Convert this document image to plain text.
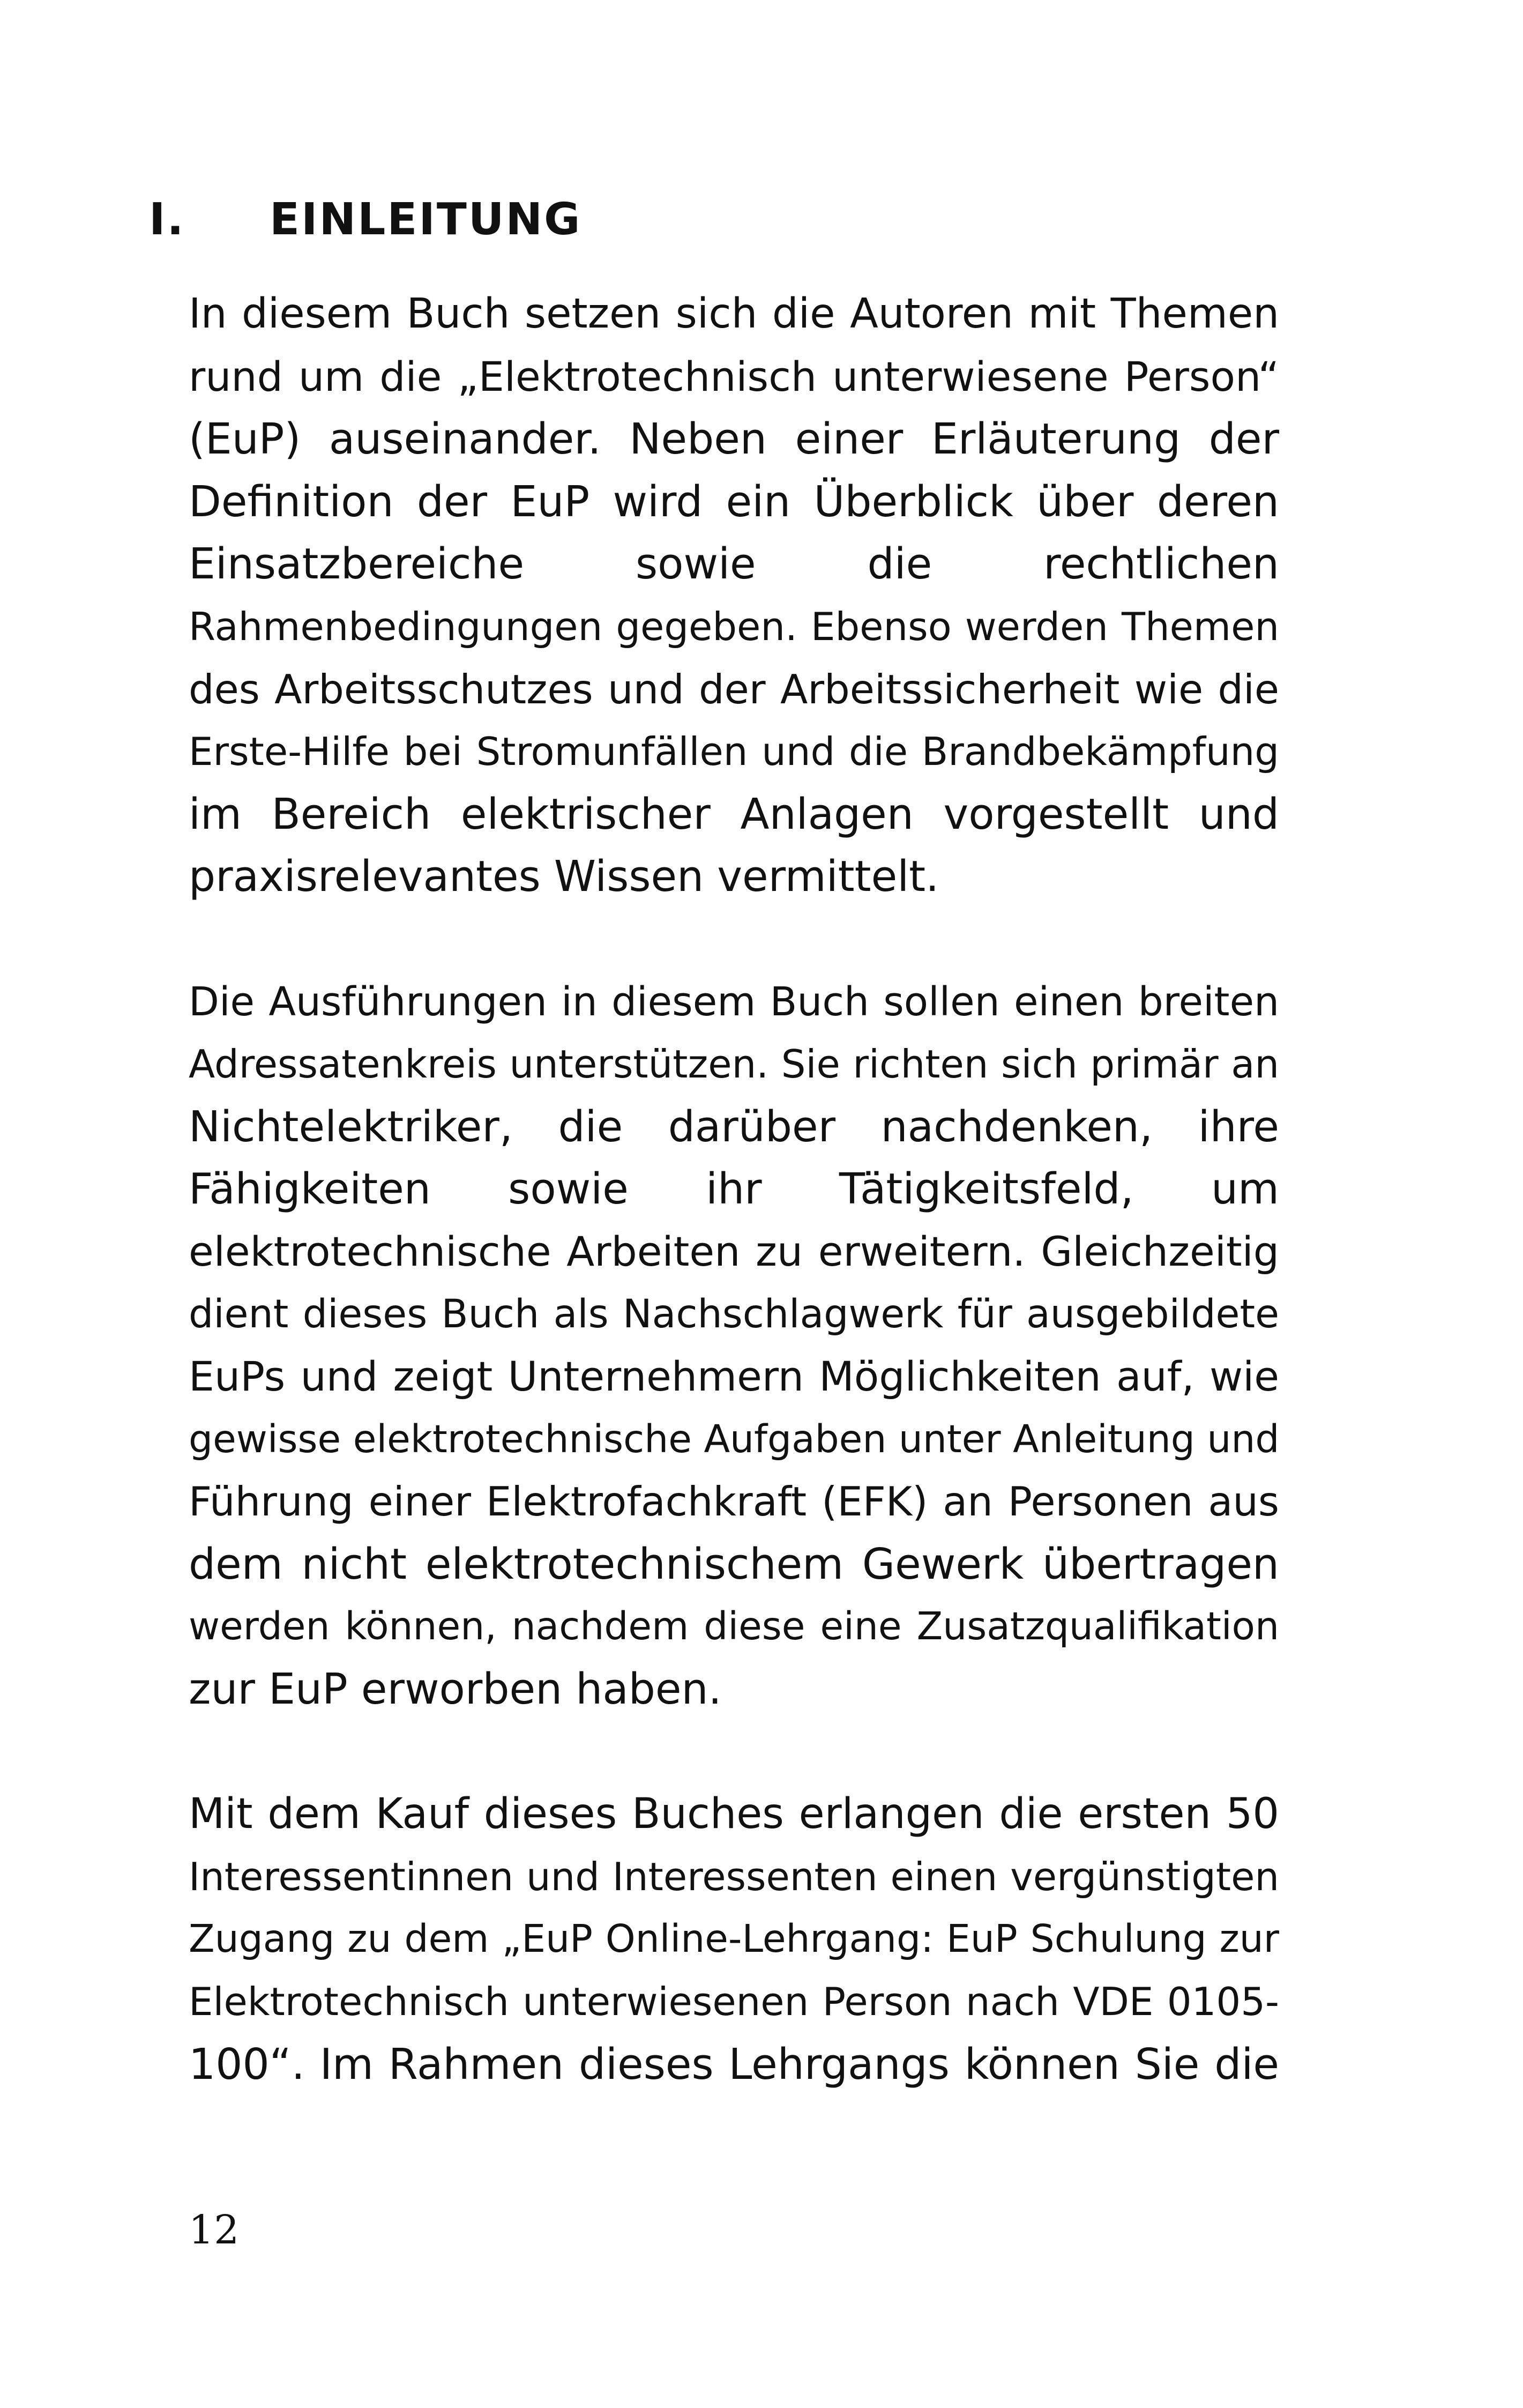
I. EINLEITUNG

In diesem Buch setzen sich die Autoren mit Themen
rund um die „Elektrotechnisch unterwiesene Person“
(EuP) auseinander. Neben einer Erläuterung der
Definition der EuP wird ein Überblick über deren
Einsatzbereiche sowie die rechtlichen
Rahmenbedingungen gegeben. Ebenso werden Themen
des Arbeitsschutzes und der Arbeitssicherheit wie die
Erste-Hilfe bei Stromunfällen und die Brandbekämpfung
im Bereich elektrischer Anlagen vorgestellt und
praxisrelevantes Wissen vermittelt.

Die Ausführungen in diesem Buch sollen einen breiten
Adressatenkreis unterstützen. Sie richten sich primär an
Nichtelektriker, die darüber nachdenken, ihre
Fähigkeiten sowie ihr Tätigkeitsfeld, um
elektrotechnische Arbeiten zu erweitern. Gleichzeitig
dient dieses Buch als Nachschlagwerk für ausgebildete
EuPs und zeigt Unternehmern Möglichkeiten auf, wie
gewisse elektrotechnische Aufgaben unter Anleitung und
Führung einer Elektrofachkraft (EFK) an Personen aus
dem nicht elektrotechnischem Gewerk übertragen
werden können, nachdem diese eine Zusatzqualifikation
zur EuP erworben haben.

Mit dem Kauf dieses Buches erlangen die ersten 50
Interessentinnen und Interessenten einen vergünstigten
Zugang zu dem „EuP Online-Lehrgang: EuP Schulung zur
Elektrotechnisch unterwiesenen Person nach VDE 0105-
100“. Im Rahmen dieses Lehrgangs können Sie die

12
